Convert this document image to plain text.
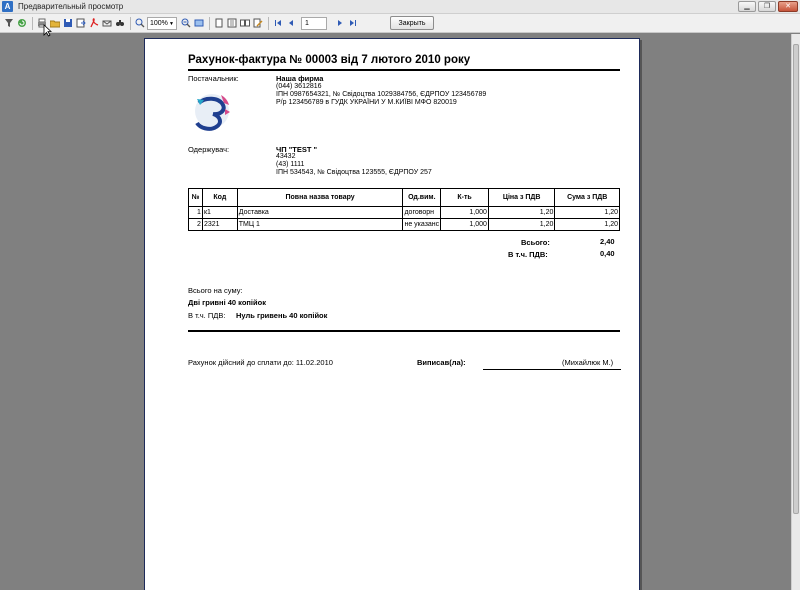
A Предварительный просмотр	▁	❐	✕
100% ▼	1	Закрыть
Рахунок-фактура № 00003 від 7 лютого 2010 року
Постачальник:	Наша фирма
(044) 3612816
ІПН 0987654321, № Свідоцтва 1029384756, ЄДРПОУ 123456789
Р/р 123456789 в ГУДК УКРАЇНИ У М.КИЇВІ МФО 820019
Одержувач:	ЧП "TEST "
43432
(43) 1111
ІПН 534543, № Свідоцтва 123555, ЄДРПОУ 257
№	Код	Повна назва товару	Од.вим.	К-ть	Ціна з ПДВ	Сума з ПДВ
1	к1	Доставка	договорн	1,000	1,20	1,20
2	2321	ТМЦ 1	не указанс	1,000	1,20	1,20
Всього:	2,40
В т.ч. ПДВ:	0,40
Всього на суму:
Дві гривні 40 копійок
В т.ч. ПДВ: Нуль гривень 40 копійок
Рахунок дійсний до сплати до: 11.02.2010	Виписав(ла):	(Михайлюк М.)
